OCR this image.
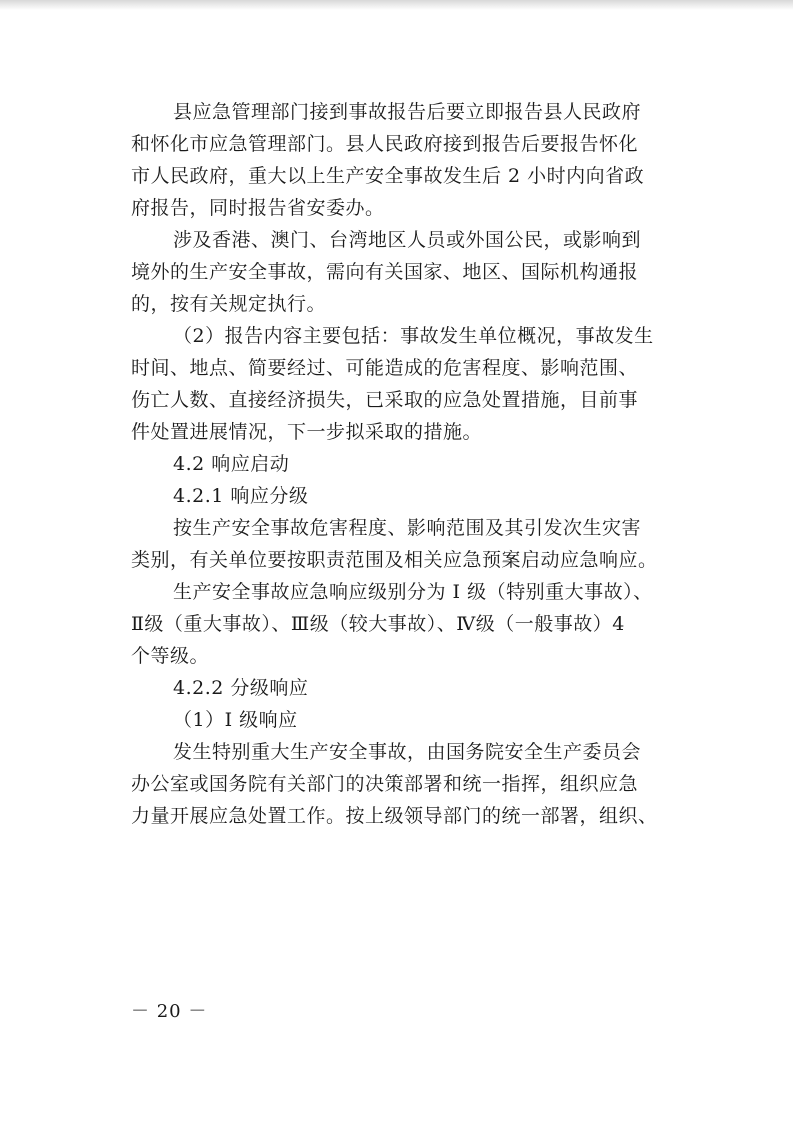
县应急管理部门接到事故报告后要立即报告县人民政府
和怀化市应急管理部门。县人民政府接到报告后要报告怀化
市人民政府，重大以上生产安全事故发生后 2 小时内向省政
府报告，同时报告省安委办。
涉及香港、澳门、台湾地区人员或外国公民，或影响到
境外的生产安全事故，需向有关国家、地区、国际机构通报
的，按有关规定执行。
（2）报告内容主要包括：事故发生单位概况，事故发生
时间、地点、简要经过、可能造成的危害程度、影响范围、
伤亡人数、直接经济损失，已采取的应急处置措施，目前事
件处置进展情况，下一步拟采取的措施。
4.2 响应启动
4.2.1 响应分级
按生产安全事故危害程度、影响范围及其引发次生灾害
类别，有关单位要按职责范围及相关应急预案启动应急响应。
生产安全事故应急响应级别分为 I 级（特别重大事故）、
Ⅱ级（重大事故）、Ⅲ级（较大事故）、Ⅳ级（一般事故）4
个等级。
4.2.2 分级响应
（1）I 级响应
发生特别重大生产安全事故，由国务院安全生产委员会
办公室或国务院有关部门的决策部署和统一指挥，组织应急
力量开展应急处置工作。按上级领导部门的统一部署，组织、
－ 20 －
